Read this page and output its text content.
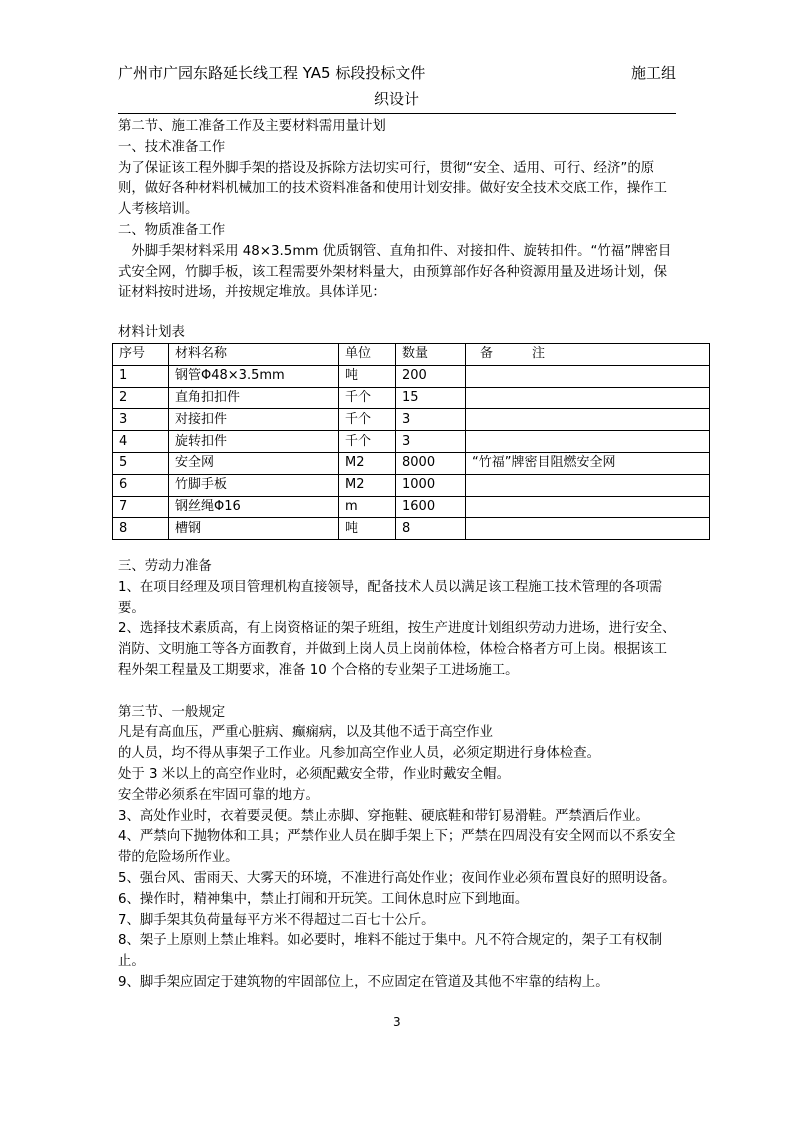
广州市广园东路延长线工程 YA5 标段投标文件	施工组
织设计

第二节、施工准备工作及主要材料需用量计划

一、技术准备工作

为了保证该工程外脚手架的搭设及拆除方法切实可行，贯彻“安全、适用、可行、经济”的原则，做好各种材料机械加工的技术资料准备和使用计划安排。做好安全技术交底工作，操作工人考核培训。

二、物质准备工作

外脚手架材料采用 48×3.5mm 优质钢管、直角扣件、对接扣件、旋转扣件。“竹福”牌密目式安全网，竹脚手板，该工程需要外架材料量大，由预算部作好各种资源用量及进场计划，保证材料按时进场，并按规定堆放。具体详见：

材料计划表
序号	材料名称	单位	数量	备　　　注
1	钢管Φ48×3.5mm	吨	200	
2	直角扣扣件	千个	15	
3	对接扣件	千个	3	
4	旋转扣件	千个	3	
5	安全网	M2	8000	“竹福”牌密目阻燃安全网
6	竹脚手板	M2	1000	
7	钢丝绳Φ16	m	1600	
8	槽钢	吨	8	

三、劳动力准备

1、在项目经理及项目管理机构直接领导，配备技术人员以满足该工程施工技术管理的各项需要。

2、选择技术素质高，有上岗资格证的架子班组，按生产进度计划组织劳动力进场，进行安全、消防、文明施工等各方面教育，并做到上岗人员上岗前体检，体检合格者方可上岗。根据该工程外架工程量及工期要求，准备 10 个合格的专业架子工进场施工。

第三节、一般规定

凡是有高血压，严重心脏病、癫痫病，以及其他不适于高空作业

的人员，均不得从事架子工作业。凡参加高空作业人员，必须定期进行身体检查。

处于 3 米以上的高空作业时，必须配戴安全带，作业时戴安全帽。

安全带必须系在牢固可靠的地方。

3、高处作业时，衣着要灵便。禁止赤脚、穿拖鞋、硬底鞋和带钉易滑鞋。严禁酒后作业。

4、严禁向下抛物体和工具；严禁作业人员在脚手架上下；严禁在四周没有安全网而以不系安全带的危险场所作业。

5、强台风、雷雨天、大雾天的环境，不准进行高处作业；夜间作业必须布置良好的照明设备。

6、操作时，精神集中，禁止打闹和开玩笑。工间休息时应下到地面。

7、脚手架其负荷量每平方米不得超过二百七十公斤。

8、架子上原则上禁止堆料。如必要时，堆料不能过于集中。凡不符合规定的，架子工有权制止。

9、脚手架应固定于建筑物的牢固部位上，不应固定在管道及其他不牢靠的结构上。

3
